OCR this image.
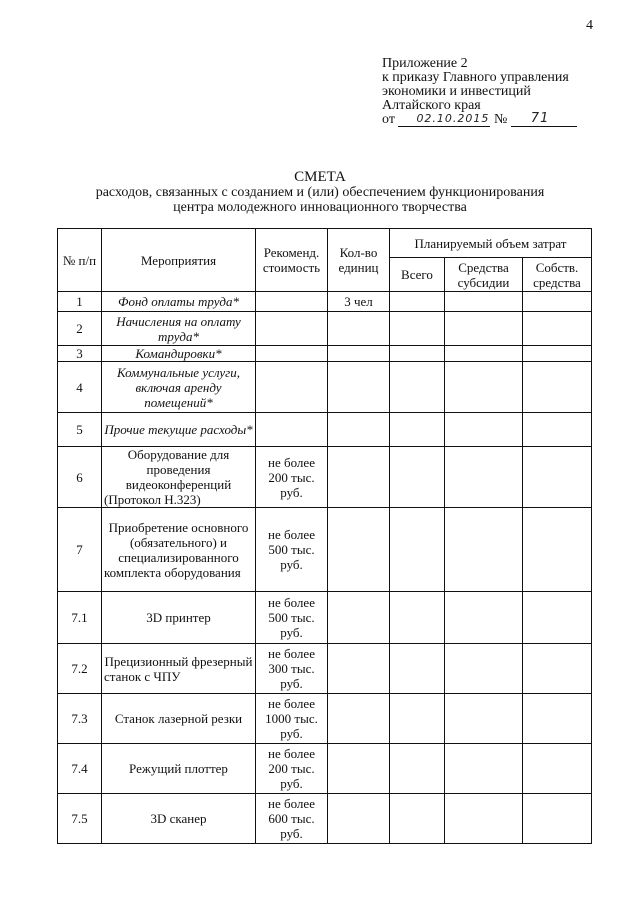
4
Приложение 2
к приказу Главного управления
экономики и инвестиций
Алтайского края
от 02.10.2015 № 71
СМЕТА
расходов, связанных с созданием и (или) обеспечением функционирования
центра молодежного инновационного творчества
№ п/п	Мероприятия	Рекоменд. стоимость	Кол-во единиц	Планируемый объем затрат		
				Всего	Средства субсидии	Собств. средства
1	Фонд оплаты труда*		3 чел			
2	Начисления на оплату труда*					
3	Командировки*					
4	Коммунальные услуги, включая аренду помещений*					
5	Прочие текущие расходы*					
6	Оборудование для проведения видеоконференций (Протокол H.323)	не более 200 тыс. руб.				
7	Приобретение основного (обязательного) и специализированного комплекта оборудования	не более 500 тыс. руб.				
7.1	3D принтер	не более 500 тыс. руб.				
7.2	Прецизионный фрезерный станок с ЧПУ	не более 300 тыс. руб.				
7.3	Станок лазерной резки	не более 1000 тыс. руб.				
7.4	Режущий плоттер	не более 200 тыс. руб.				
7.5	3D сканер	не более 600 тыс. руб.				
